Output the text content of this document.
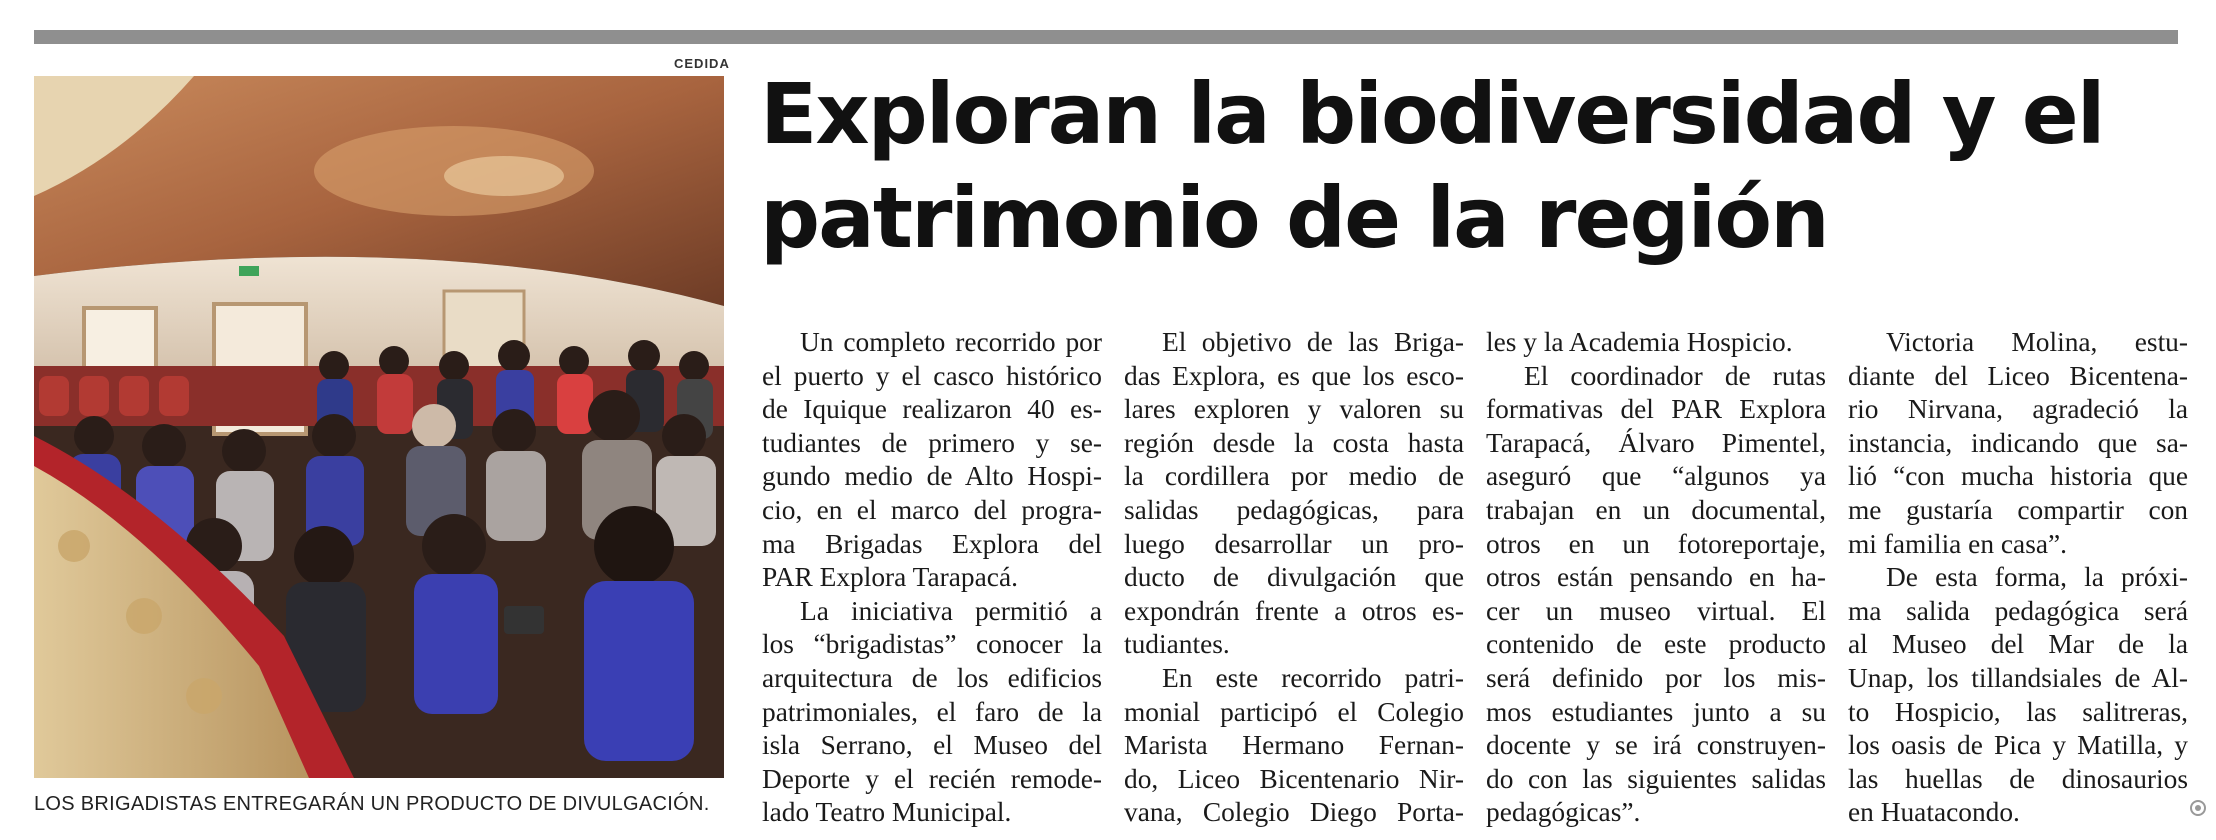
CEDIDA
LOS BRIGADISTAS ENTREGARÁN UN PRODUCTO DE DIVULGACIÓN.
Exploran la biodiversidad y el
patrimonio de la región
Un completo recorrido por
el puerto y el casco histórico
de Iquique realizaron 40 es-
tudiantes de primero y se-
gundo medio de Alto Hospi-
cio, en el marco del progra-
ma Brigadas Explora del
PAR Explora Tarapacá.
La iniciativa permitió a
los “brigadistas” conocer la
arquitectura de los edificios
patrimoniales, el faro de la
isla Serrano, el Museo del
Deporte y el recién remode-
lado Teatro Municipal.
El objetivo de las Briga-
das Explora, es que los esco-
lares exploren y valoren su
región desde la costa hasta
la cordillera por medio de
salidas pedagógicas, para
luego desarrollar un pro-
ducto de divulgación que
expondrán frente a otros es-
tudiantes.
En este recorrido patri-
monial participó el Colegio
Marista Hermano Fernan-
do, Liceo Bicentenario Nir-
vana, Colegio Diego Porta-
les y la Academia Hospicio.
El coordinador de rutas
formativas del PAR Explora
Tarapacá, Álvaro Pimentel,
aseguró que “algunos ya
trabajan en un documental,
otros en un fotoreportaje,
otros están pensando en ha-
cer un museo virtual. El
contenido de este producto
será definido por los mis-
mos estudiantes junto a su
docente y se irá construyen-
do con las siguientes salidas
pedagógicas”.
Victoria Molina, estu-
diante del Liceo Bicentena-
rio Nirvana, agradeció la
instancia, indicando que sa-
lió “con mucha historia que
me gustaría compartir con
mi familia en casa”.
De esta forma, la próxi-
ma salida pedagógica será
al Museo del Mar de la
Unap, los tillandsiales de Al-
to Hospicio, las salitreras,
los oasis de Pica y Matilla, y
las huellas de dinosaurios
en Huatacondo.
